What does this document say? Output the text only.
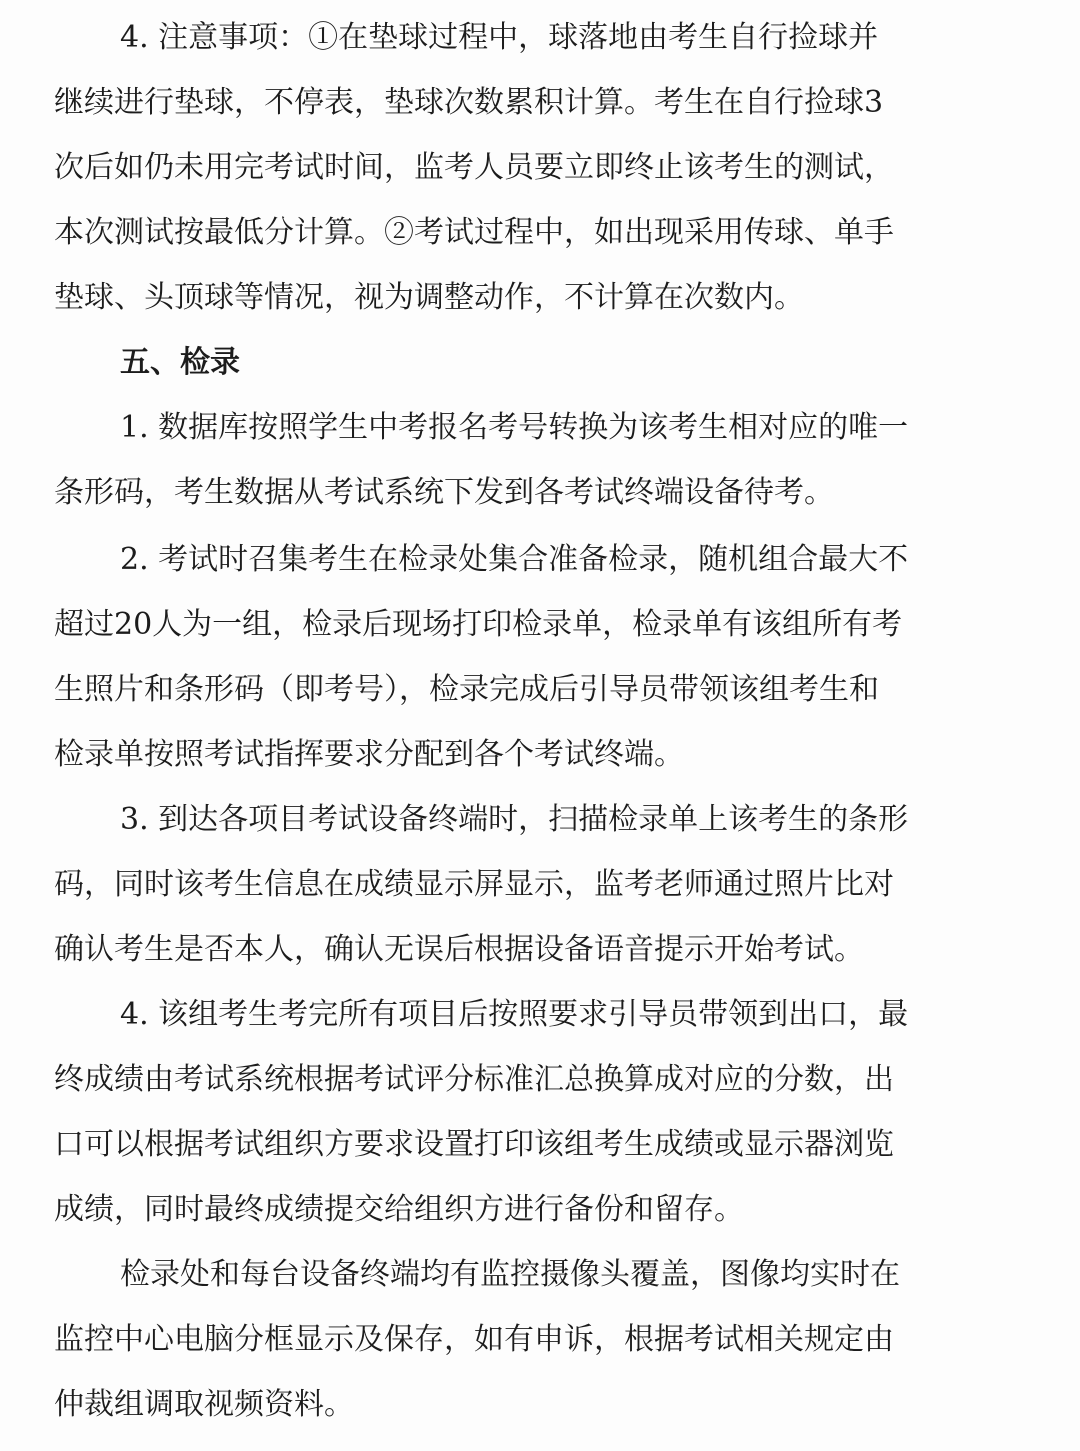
4. 注意事项：①在垫球过程中，球落地由考生自行捡球并
继续进行垫球，不停表，垫球次数累积计算。考生在自行捡球3
次后如仍未用完考试时间，监考人员要立即终止该考生的测试，
本次测试按最低分计算。②考试过程中，如出现采用传球、单手
垫球、头顶球等情况，视为调整动作，不计算在次数内。
五、检录
1. 数据库按照学生中考报名考号转换为该考生相对应的唯一
条形码，考生数据从考试系统下发到各考试终端设备待考。
2. 考试时召集考生在检录处集合准备检录，随机组合最大不
超过20人为一组，检录后现场打印检录单，检录单有该组所有考
生照片和条形码（即考号），检录完成后引导员带领该组考生和
检录单按照考试指挥要求分配到各个考试终端。
3. 到达各项目考试设备终端时，扫描检录单上该考生的条形
码，同时该考生信息在成绩显示屏显示，监考老师通过照片比对
确认考生是否本人，确认无误后根据设备语音提示开始考试。
4. 该组考生考完所有项目后按照要求引导员带领到出口，最
终成绩由考试系统根据考试评分标准汇总换算成对应的分数，出
口可以根据考试组织方要求设置打印该组考生成绩或显示器浏览
成绩，同时最终成绩提交给组织方进行备份和留存。
检录处和每台设备终端均有监控摄像头覆盖，图像均实时在
监控中心电脑分框显示及保存，如有申诉，根据考试相关规定由
仲裁组调取视频资料。
